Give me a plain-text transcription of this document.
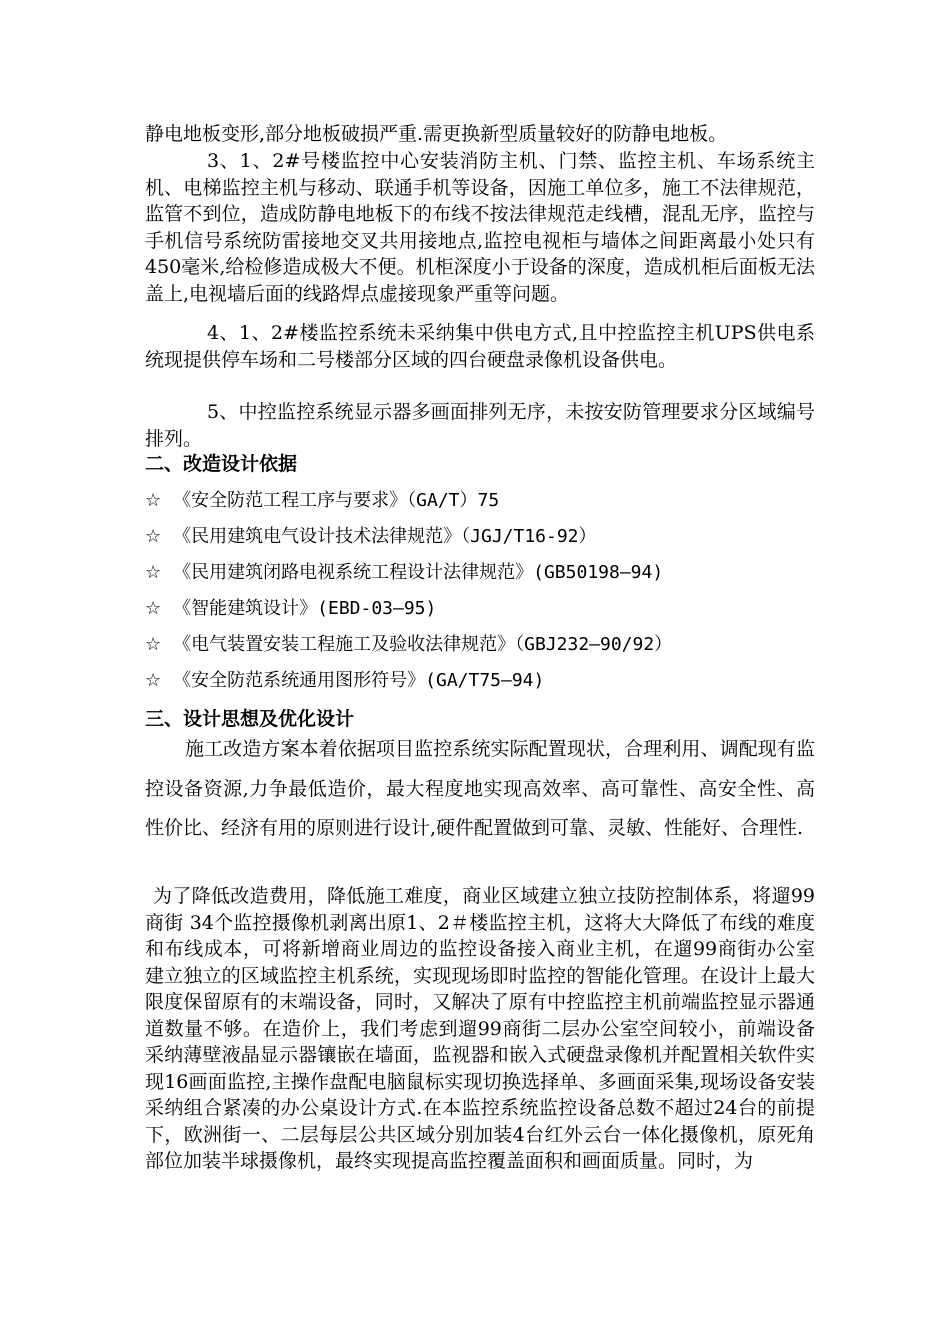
静电地板变形,部分地板破损严重.需更换新型质量较好的防静电地板。

3、1、2#号楼监控中心安装消防主机、门禁、监控主机、车场系统主机、电梯监控主机与移动、联通手机等设备，因施工单位多，施工不法律规范，监管不到位，造成防静电地板下的布线不按法律规范走线槽，混乱无序，监控与手机信号系统防雷接地交叉共用接地点,监控电视柜与墙体之间距离最小处只有450毫米,给检修造成极大不便。机柜深度小于设备的深度，造成机柜后面板无法盖上,电视墙后面的线路焊点虚接现象严重等问题。

4、1、2#楼监控系统未采纳集中供电方式,且中控监控主机UPS供电系统现提供停车场和二号楼部分区域的四台硬盘录像机设备供电。

5、中控监控系统显示器多画面排列无序，未按安防管理要求分区域编号排列。

二、改造设计依据

☆ 《安全防范工程工序与要求》（GA/T）75

☆ 《民用建筑电气设计技术法律规范》（JGJ/T16-92）

☆ 《民用建筑闭路电视系统工程设计法律规范》(GB50198—94)

☆ 《智能建筑设计》(EBD-03—95)

☆ 《电气装置安装工程施工及验收法律规范》（GBJ232—90/92）

☆ 《安全防范系统通用图形符号》(GA/T75—94)

三、设计思想及优化设计

施工改造方案本着依据项目监控系统实际配置现状，合理利用、调配现有监控设备资源,力争最低造价，最大程度地实现高效率、高可靠性、高安全性、高性价比、经济有用的原则进行设计,硬件配置做到可靠、灵敏、性能好、合理性.

为了降低改造费用，降低施工难度，商业区域建立独立技防控制体系，将遛99商街 34个监控摄像机剥离出原1、2＃楼监控主机，这将大大降低了布线的难度和布线成本，可将新增商业周边的监控设备接入商业主机，在遛99商街办公室建立独立的区域监控主机系统，实现现场即时监控的智能化管理。在设计上最大限度保留原有的末端设备，同时，又解决了原有中控监控主机前端监控显示器通道数量不够。在造价上，我们考虑到遛99商街二层办公室空间较小，前端设备采纳薄壁液晶显示器镶嵌在墙面，监视器和嵌入式硬盘录像机并配置相关软件实现16画面监控,主操作盘配电脑鼠标实现切换选择单、多画面采集,现场设备安装采纳组合紧凑的办公桌设计方式.在本监控系统监控设备总数不超过24台的前提下，欧洲街一、二层每层公共区域分别加装4台红外云台一体化摄像机，原死角部位加装半球摄像机，最终实现提高监控覆盖面积和画面质量。同时，为
